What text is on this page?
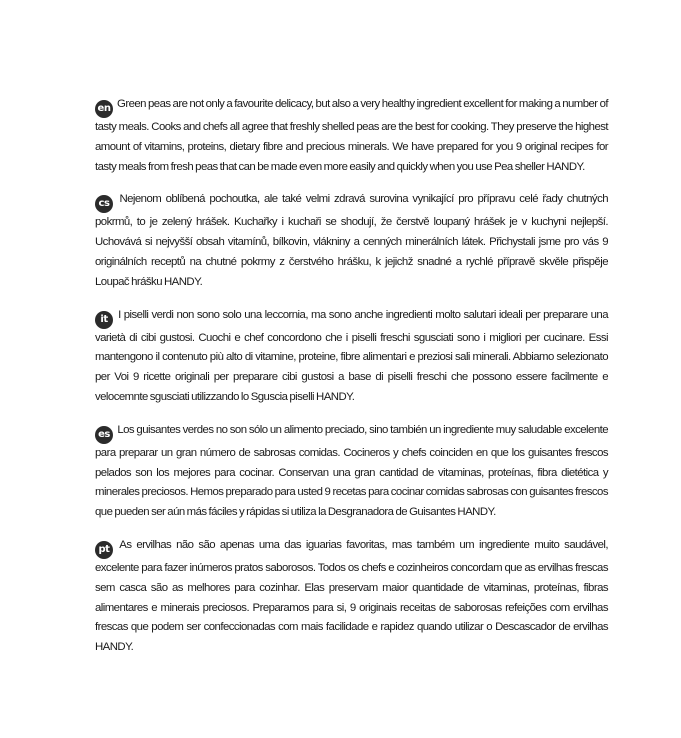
en Green peas are not only a favourite delicacy, but also a very healthy ingredient excellent for making a number of tasty meals. Cooks and chefs all agree that freshly shelled peas are the best for cooking. They preserve the highest amount of vitamins, proteins, dietary fibre and precious minerals. We have prepared for you 9 original recipes for tasty meals from fresh peas that can be made even more easily and quickly when you use Pea sheller HANDY.

cs Nejenom oblíbená pochoutka, ale také velmi zdravá surovina vynikající pro přípravu celé řady chutných pokrmů, to je zelený hrášek. Kuchařky i kuchaři se shodují, že čerstvě loupaný hrášek je v kuchyni nejlepší. Uchovává si nejvyšší obsah vitamínů, bílkovin, vlákniny a cenných minerálních látek. Přichystali jsme pro vás 9 originálních receptů na chutné pokrmy z čerstvého hrášku, k jejichž snadné a rychlé přípravě skvěle přispěje Loupač hrášku HANDY.

it I piselli verdi non sono solo una leccornia, ma sono anche ingredienti molto salutari ideali per preparare una varietà di cibi gustosi. Cuochi e chef concordono che i piselli freschi sgusciati sono i migliori per cucinare. Essi mantengono il contenuto più alto di vitamine, proteine, fibre alimentari e preziosi sali minerali. Abbiamo selezionato per Voi 9 ricette originali per preparare cibi gustosi a base di piselli freschi che possono essere facilmente e velocemnte sgusciati utilizzando lo Sguscia piselli HANDY.

es Los guisantes verdes no son sólo un alimento preciado, sino también un ingrediente muy saludable excelente para preparar un gran número de sabrosas comidas. Cocineros y chefs coinciden en que los guisantes frescos pelados son los mejores para cocinar. Conservan una gran cantidad de vitaminas, proteínas, fibra dietética y minerales preciosos. Hemos preparado para usted 9 recetas para cocinar comidas sabrosas con guisantes frescos que pueden ser aún más fáciles y rápidas si utiliza la Desgranadora de Guisantes HANDY.

pt As ervilhas não são apenas uma das iguarias favoritas, mas também um ingrediente muito saudável, excelente para fazer inúmeros pratos saborosos. Todos os chefs e cozinheiros concordam que as ervilhas frescas sem casca são as melhores para cozinhar. Elas preservam maior quantidade de vitaminas, proteínas, fibras alimentares e minerais preciosos. Preparamos para si, 9 originais receitas de saborosas refeições com ervilhas frescas que podem ser confeccionadas com mais facilidade e rapidez quando utilizar o Descascador de ervilhas HANDY.
